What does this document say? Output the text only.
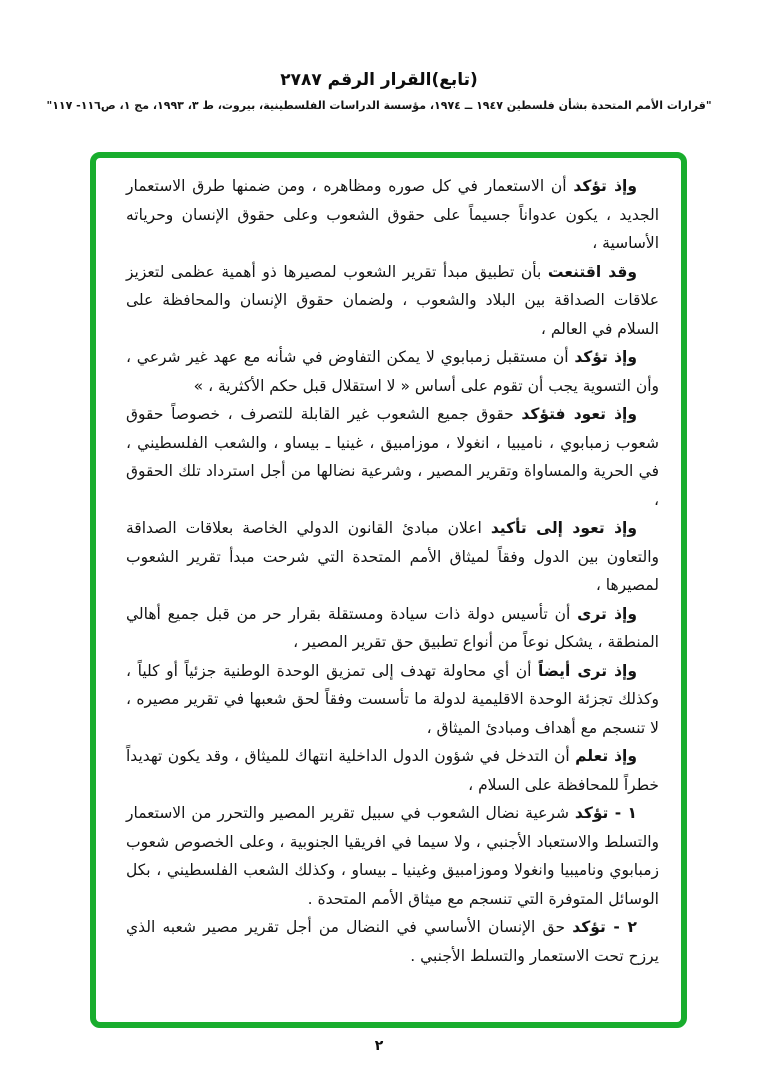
(تابع)القرار الرقم ٢٧٨٧
"قرارات الأمم المتحدة بشأن فلسطين ١٩٤٧ ــ ١٩٧٤، مؤسسة الدراسات الفلسطينية، بيروت، ط ٣، ١٩٩٣، مج ١، ص١١٦- ١١٧"

وإذ تؤكد أن الاستعمار في كل صوره ومظاهره ، ومن ضمنها طرق الاستعمار الجديد ، يكون عدواناً جسيماً على حقوق الشعوب وعلى حقوق الإنسان وحرياته الأساسية ،

وقد اقتنعت بأن تطبيق مبدأ تقرير الشعوب لمصيرها ذو أهمية عظمى لتعزيز علاقات الصداقة بين البلاد والشعوب ، ولضمان حقوق الإنسان والمحافظة على السلام في العالم ،

وإذ تؤكد أن مستقبل زمبابوي لا يمكن التفاوض في شأنه مع عهد غير شرعي ، وأن التسوية يجب أن تقوم على أساس « لا استقلال قبل حكم الأكثرية ، »

وإذ تعود فتؤكد حقوق جميع الشعوب غير القابلة للتصرف ، خصوصاً حقوق شعوب زمبابوي ، ناميبيا ، انغولا ، موزامبيق ، غينيا ـ بيساو ، والشعب الفلسطيني ، في الحرية والمساواة وتقرير المصير ، وشرعية نضالها من أجل استرداد تلك الحقوق ،

وإذ تعود إلى تأكيد اعلان مبادئ القانون الدولي الخاصة بعلاقات الصداقة والتعاون بين الدول وفقاً لميثاق الأمم المتحدة التي شرحت مبدأ تقرير الشعوب لمصيرها ،

وإذ ترى أن تأسيس دولة ذات سيادة ومستقلة بقرار حر من قبل جميع أهالي المنطقة ، يشكل نوعاً من أنواع تطبيق حق تقرير المصير ،

وإذ ترى أيضاً أن أي محاولة تهدف إلى تمزيق الوحدة الوطنية جزئياً أو كلياً ، وكذلك تجزئة الوحدة الاقليمية لدولة ما تأسست وفقاً لحق شعبها في تقرير مصيره ، لا تنسجم مع أهداف ومبادئ الميثاق ،

وإذ تعلم أن التدخل في شؤون الدول الداخلية انتهاك للميثاق ، وقد يكون تهديداً خطراً للمحافظة على السلام ،

١ - تؤكد شرعية نضال الشعوب في سبيل تقرير المصير والتحرر من الاستعمار والتسلط والاستعباد الأجنبي ، ولا سيما في افريقيا الجنوبية ، وعلى الخصوص شعوب زمبابوي وناميبيا وانغولا وموزامبيق وغينيا ـ بيساو ، وكذلك الشعب الفلسطيني ، بكل الوسائل المتوفرة التي تنسجم مع ميثاق الأمم المتحدة .

٢ - تؤكد حق الإنسان الأساسي في النضال من أجل تقرير مصير شعبه الذي يرزح تحت الاستعمار والتسلط الأجنبي .

٢
